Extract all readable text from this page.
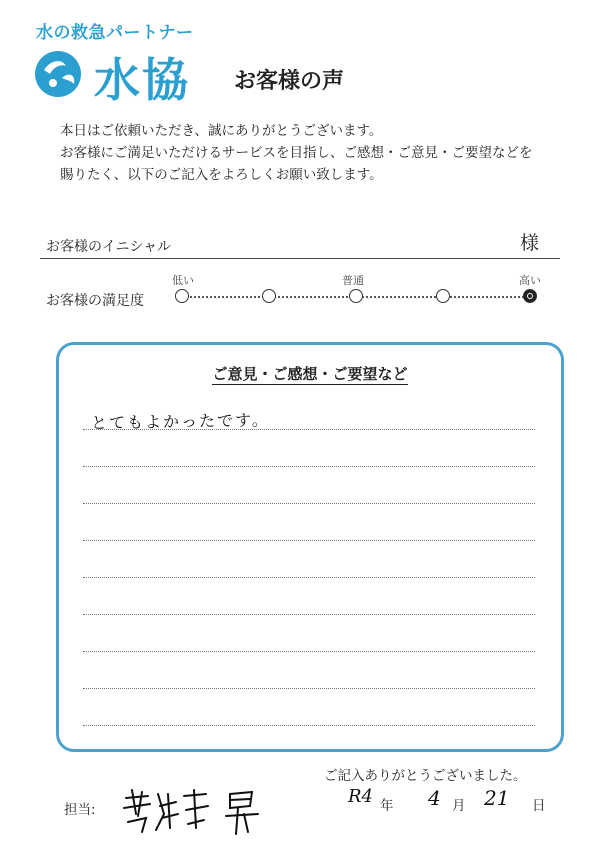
水の救急パートナー
水協 お客様の声
本日はご依頼いただき、誠にありがとうございます。
お客様にご満足いただけるサービスを目指し、ご感想・ご意見・ご要望などを
賜りたく、以下のご記入をよろしくお願い致します。
お客様のイニシャル	様
お客様の満足度
低い	普通	高い
ご意見・ご感想・ご要望など
とてもよかったです。
ご記入ありがとうございました。
担当:
R4 年 4 月 21 日
